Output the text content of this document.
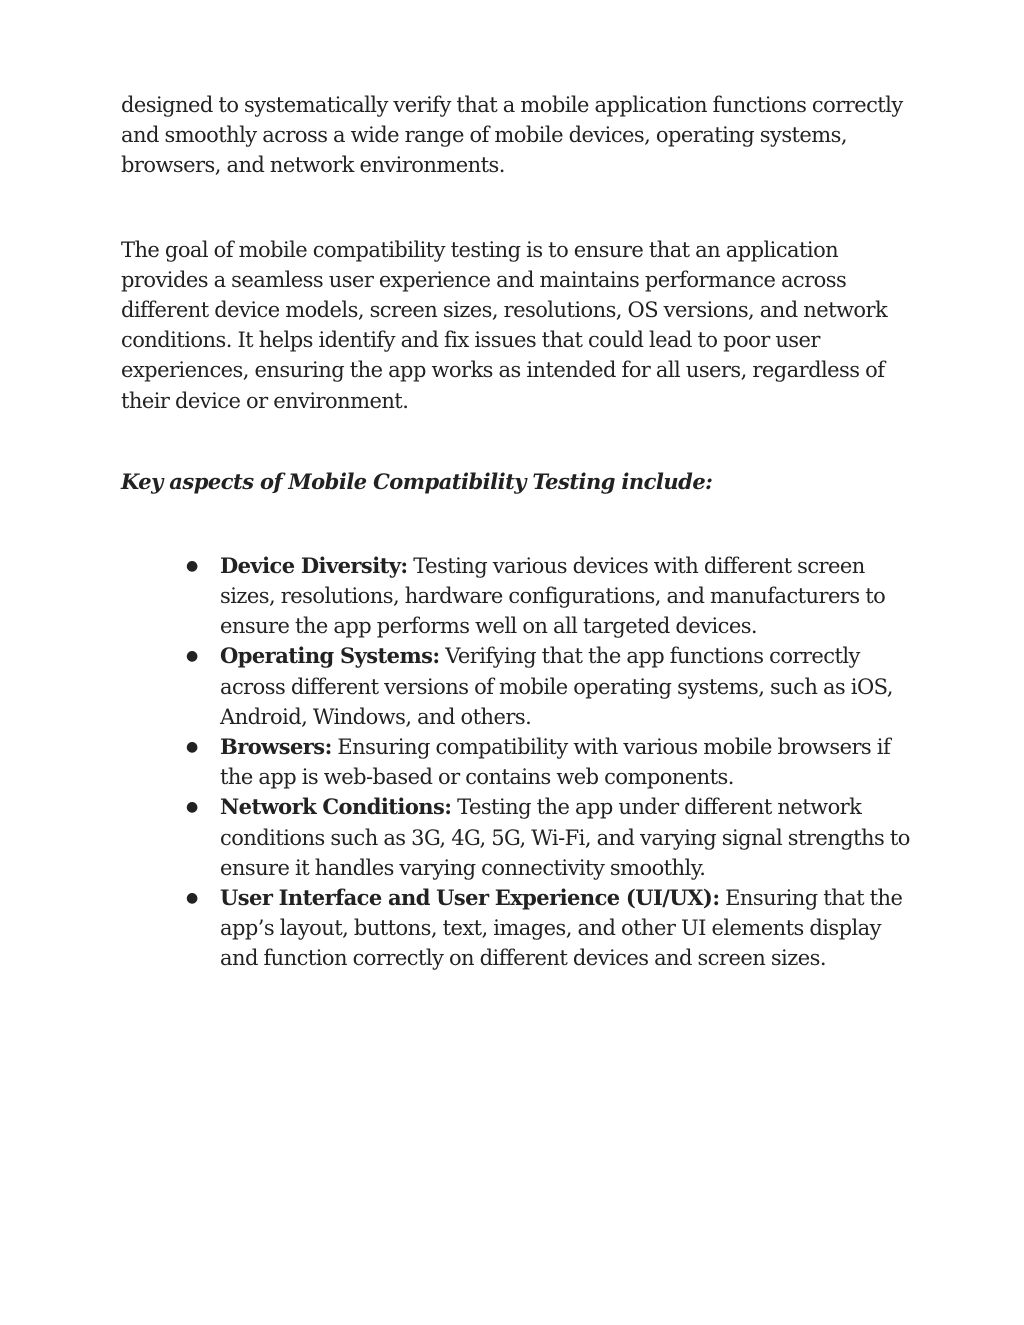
designed to systematically verify that a mobile application functions correctly and smoothly across a wide range of mobile devices, operating systems, browsers, and network environments.

The goal of mobile compatibility testing is to ensure that an application provides a seamless user experience and maintains performance across different device models, screen sizes, resolutions, OS versions, and network conditions. It helps identify and fix issues that could lead to poor user experiences, ensuring the app works as intended for all users, regardless of their device or environment.

Key aspects of Mobile Compatibility Testing include:
● Device Diversity: Testing various devices with different screen sizes, resolutions, hardware configurations, and manufacturers to ensure the app performs well on all targeted devices.
● Operating Systems: Verifying that the app functions correctly across different versions of mobile operating systems, such as iOS, Android, Windows, and others.
● Browsers: Ensuring compatibility with various mobile browsers if the app is web-based or contains web components.
● Network Conditions: Testing the app under different network conditions such as 3G, 4G, 5G, Wi-Fi, and varying signal strengths to ensure it handles varying connectivity smoothly.
● User Interface and User Experience (UI/UX): Ensuring that the app’s layout, buttons, text, images, and other UI elements display and function correctly on different devices and screen sizes.
